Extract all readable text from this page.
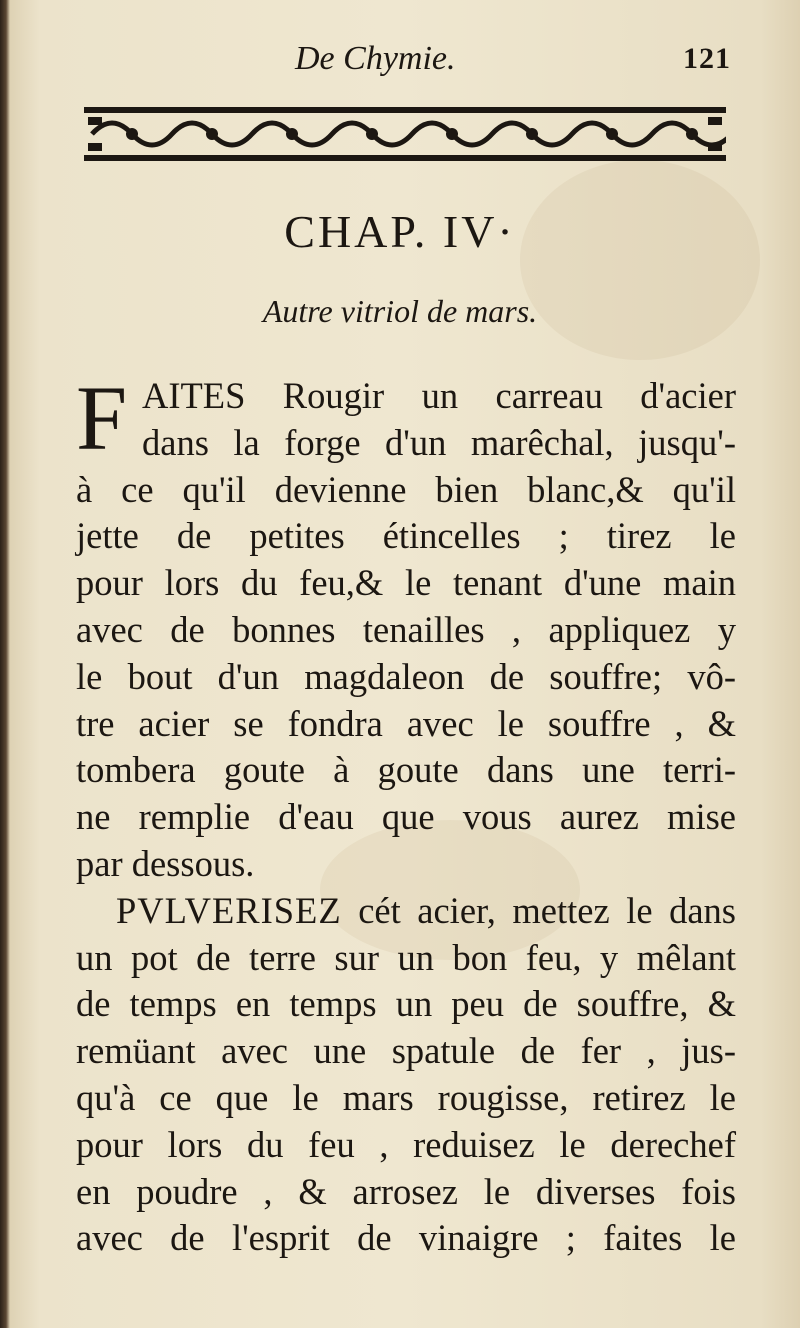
De Chymie.	121
CHAP. IV·
Autre vitriol de mars.
F AITES Rougir un carreau d'acier
dans la forge d'un marêchal, jusqu'-
à ce qu'il devienne bien blanc,& qu'il
jette de petites étincelles ; tirez le
pour lors du feu,& le tenant d'une main
avec de bonnes tenailles , appliquez y
le bout d'un magdaleon de souffre; vô-
tre acier se fondra avec le souffre , &
tombera goute à goute dans une terri-
ne remplie d'eau que vous aurez mise
par dessous.
PVLVERISEZ cét acier, mettez le dans
un pot de terre sur un bon feu, y mêlant
de temps en temps un peu de souffre, &
remüant avec une spatule de fer , jus-
qu'à ce que le mars rougisse, retirez le
pour lors du feu , reduisez le derechef
en poudre , & arrosez le diverses fois
avec de l'esprit de vinaigre ; faites le
